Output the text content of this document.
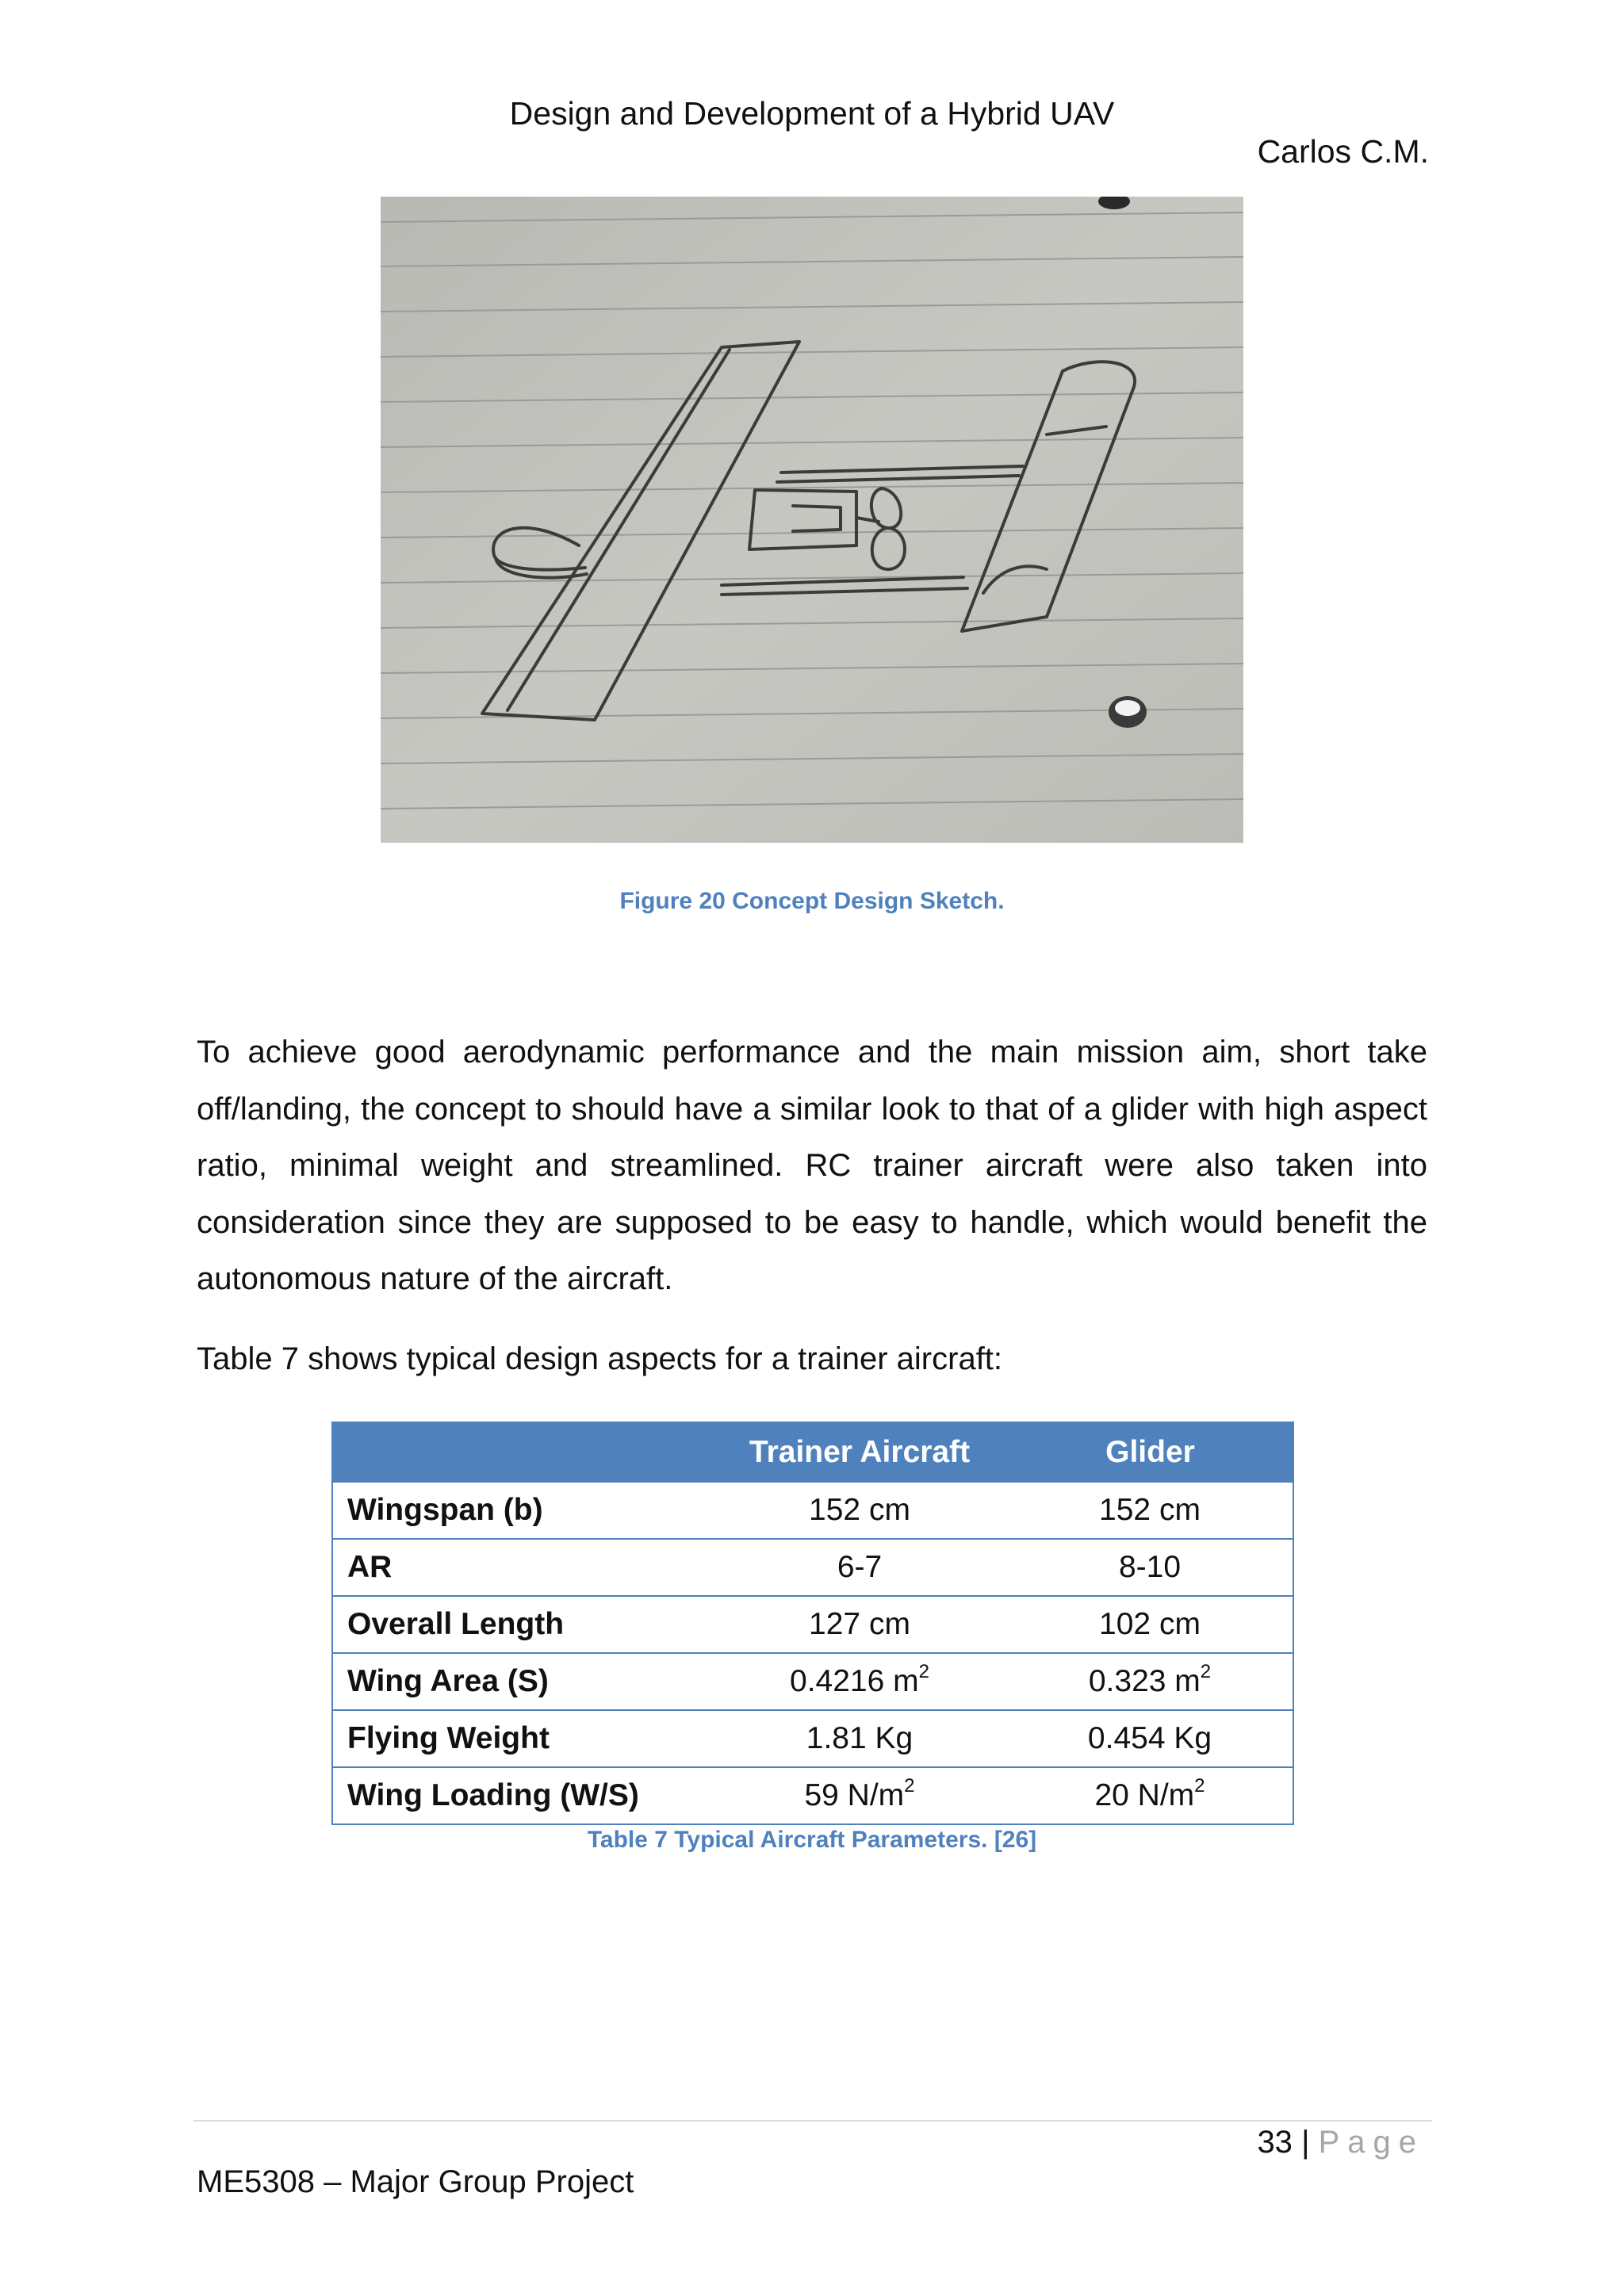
Design and Development of a Hybrid UAV
Carlos C.M.
Figure 20 Concept Design Sketch.

To achieve good aerodynamic performance and the main mission aim, short take off/landing, the concept to should have a similar look to that of a glider with high aspect ratio, minimal weight and streamlined. RC trainer aircraft were also taken into consideration since they are supposed to be easy to handle, which would benefit the autonomous nature of the aircraft.

Table 7 shows typical design aspects for a trainer aircraft:

	Trainer Aircraft	Glider
Wingspan (b)	152 cm	152 cm
AR	6-7	8-10
Overall Length	127 cm	102 cm
Wing Area (S)	0.4216 $m^2$	0.323 $m^2$
Flying Weight	1.81 Kg	0.454 Kg
Wing Loading (W/S)	59 $N/m^2$	20 $N/m^2$
Table 7 Typical Aircraft Parameters. [26]
33 | Page
ME5308 – Major Group Project
